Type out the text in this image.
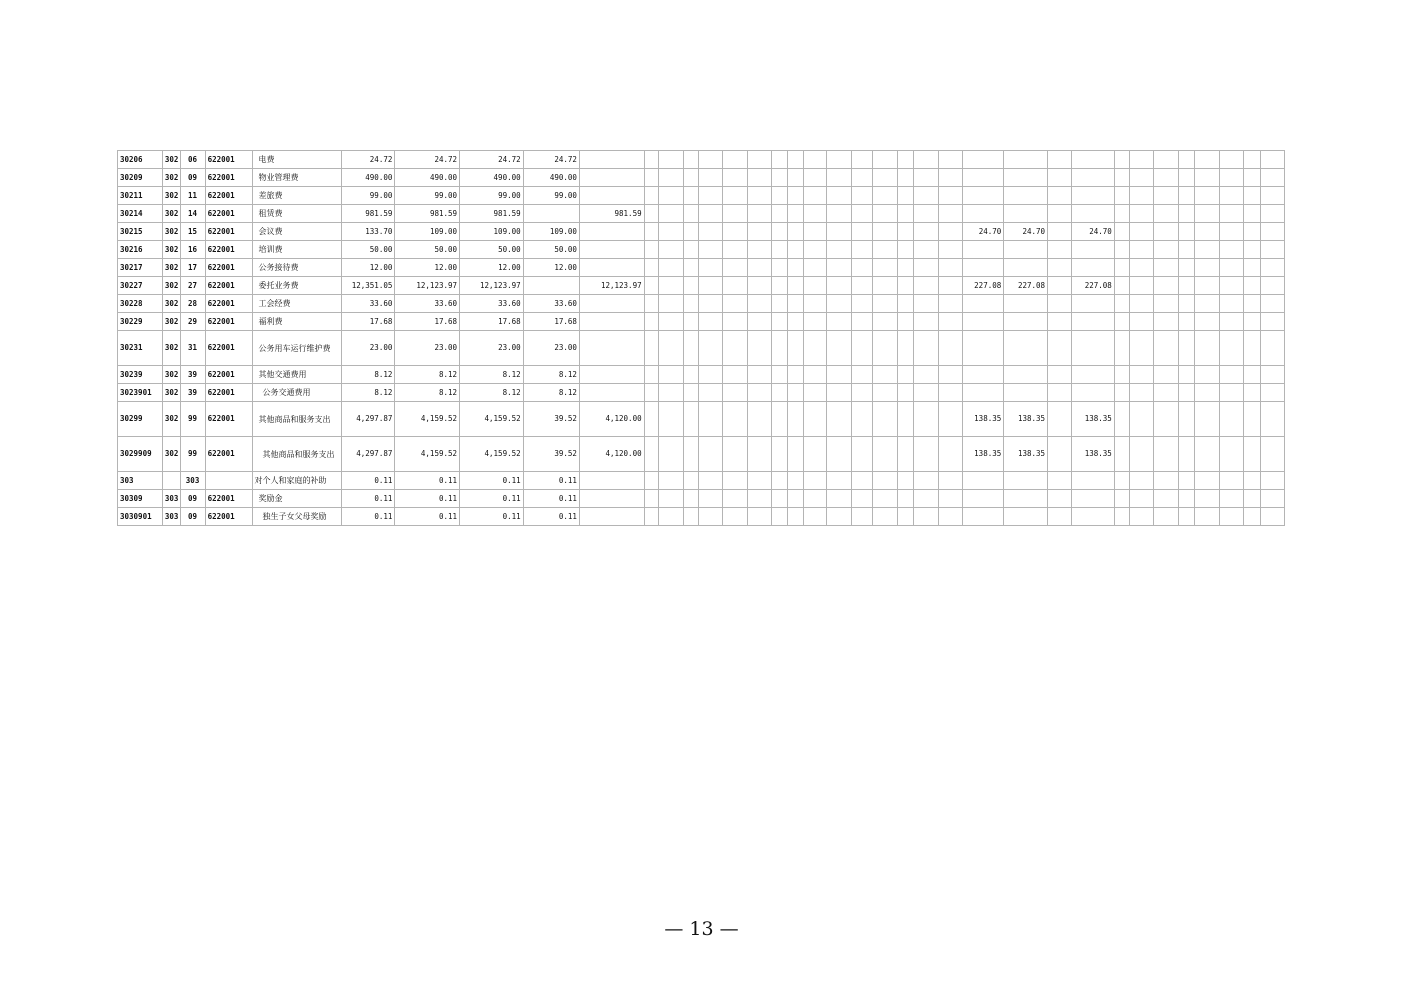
30206	302	06	622001	电费	24.72	24.72	24.72	24.72																												
30209	302	09	622001	物业管理费	490.00	490.00	490.00	490.00																												
30211	302	11	622001	差旅费	99.00	99.00	99.00	99.00																												
30214	302	14	622001	租赁费	981.59	981.59	981.59		981.59																											
30215	302	15	622001	会议费	133.70	109.00	109.00	109.00																	24.70	24.70		24.70								
30216	302	16	622001	培训费	50.00	50.00	50.00	50.00																												
30217	302	17	622001	公务接待费	12.00	12.00	12.00	12.00																												
30227	302	27	622001	委托业务费	12,351.05	12,123.97	12,123.97		12,123.97																227.08	227.08		227.08								
30228	302	28	622001	工会经费	33.60	33.60	33.60	33.60																												
30229	302	29	622001	福利费	17.68	17.68	17.68	17.68																												
30231	302	31	622001	公务用车运行维护费	23.00	23.00	23.00	23.00																												
30239	302	39	622001	其他交通费用	8.12	8.12	8.12	8.12																												
3023901	302	39	622001	公务交通费用	8.12	8.12	8.12	8.12																												
30299	302	99	622001	其他商品和服务支出	4,297.87	4,159.52	4,159.52	39.52	4,120.00																138.35	138.35		138.35								
3029909	302	99	622001	其他商品和服务支出	4,297.87	4,159.52	4,159.52	39.52	4,120.00																138.35	138.35		138.35								
303		303		对个人和家庭的补助	0.11	0.11	0.11	0.11																												
30309	303	09	622001	奖励金	0.11	0.11	0.11	0.11																												
3030901	303	09	622001	独生子女父母奖励	0.11	0.11	0.11	0.11																												
— 13 —
